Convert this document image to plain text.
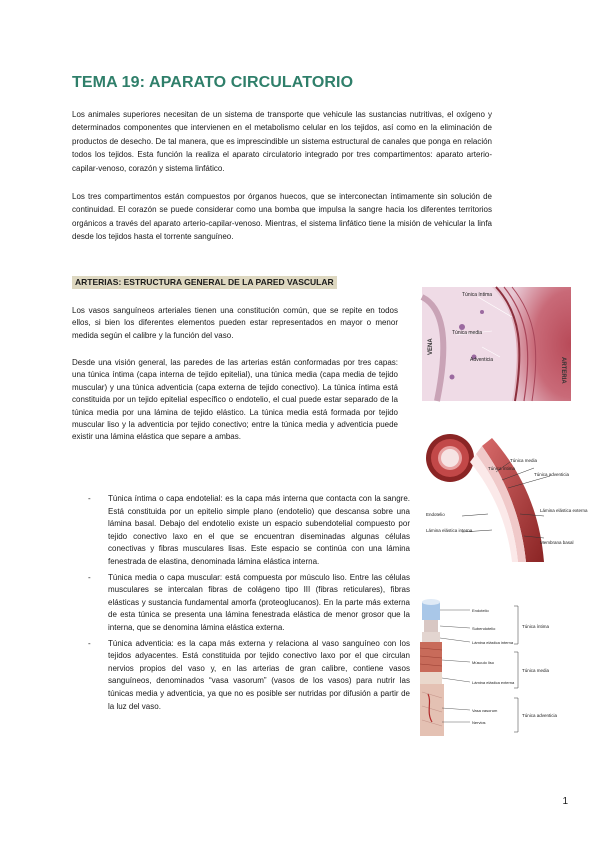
TEMA 19: APARATO CIRCULATORIO

Los animales superiores necesitan de un sistema de transporte que vehicule las sustancias nutritivas, el oxígeno y determinados componentes que intervienen en el metabolismo celular en los tejidos, así como en la eliminación de productos de desecho. De tal manera, que es imprescindible un sistema estructural de canales que ponga en relación todos los tejidos. Esta función la realiza el aparato circulatorio integrado por tres compartimentos: aparato arterio-capilar-venoso, corazón y sistema linfático.

Los tres compartimentos están compuestos por órganos huecos, que se interconectan íntimamente sin solución de continuidad. El corazón se puede considerar como una bomba que impulsa la sangre hacia los diferentes territorios orgánicos a través del aparato arterio-capilar-venoso. Mientras, el sistema linfático tiene la misión de vehicular la linfa desde los tejidos hasta el torrente sanguíneo.

ARTERIAS: ESTRUCTURA GENERAL DE LA PARED VASCULAR

Los vasos sanguíneos arteriales tienen una constitución común, que se repite en todos ellos, si bien los diferentes elementos pueden estar representados en mayor o menor medida según el calibre y la función del vaso.

Desde una visión general, las paredes de las arterias están conformadas por tres capas: una túnica íntima (capa interna de tejido epitelial), una túnica media (capa media de tejido muscular) y una túnica adventicia (capa externa de tejido conectivo). La túnica íntima está constituida por un tejido epitelial específico o endotelio, el cual puede estar separado de la túnica media por una lámina de tejido elástico. La túnica media está formada por tejido muscular liso y la adventicia por tejido conectivo; entre la túnica media y adventicia puede existir una lámina elástica que separe a ambas.

- Túnica íntima o capa endotelial: es la capa más interna que contacta con la sangre. Está constituida por un epitelio simple plano (endotelio) que descansa sobre una lámina basal. Debajo del endotelio existe un espacio subendotelial compuesto por tejido conectivo laxo en el que se encuentran diseminadas algunas células conectivas y fibras musculares lisas. Este espacio se continúa con una lámina fenestrada de elastina, denominada lámina elástica interna.
- Túnica media o capa muscular: está compuesta por músculo liso. Entre las células musculares se intercalan fibras de colágeno tipo III (fibras reticulares), fibras elásticas y sustancia fundamental amorfa (proteoglucanos). En la parte más externa de esta túnica se presenta una lámina fenestrada elástica de menor grosor que la interna, que se denomina lámina elástica externa.
- Túnica adventicia: es la capa más externa y relaciona al vaso sanguíneo con los tejidos adyacentes. Está constituida por tejido conectivo laxo por el que circulan nervios propios del vaso y, en las arterias de gran calibre, contiene vasos sanguíneos, denominados “vasa vasorum” (vasos de los vasos) para nutrir las túnicas media y adventicia, ya que no es posible ser nutridas por difusión a partir de la luz del vaso.
Túnica íntima
Túnica media
Adventicia
VENA
ARTERIA
Túnica media
Túnica íntima
Túnica adventicia
Endotelio
Lámina elástica interna
Lámina elástica externa
Membrana basal
Endotelio
Subendotelio
Lámina elástica interna
Músculo liso
Lámina elástica externa
Vasa vasorum
Nervios
Túnica íntima
Túnica media
Túnica adventicia
1
